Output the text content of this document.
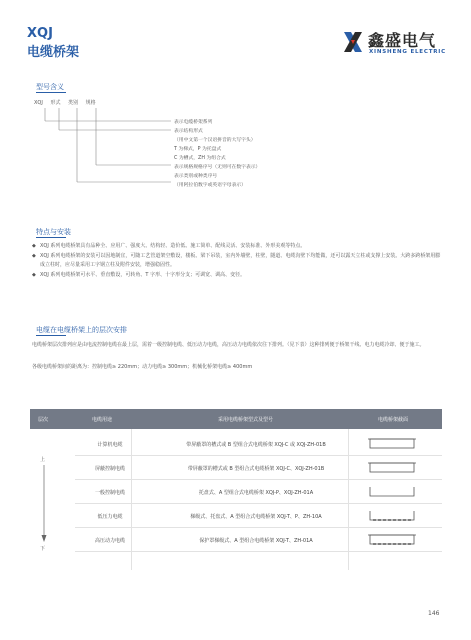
XQJ
电缆桥架
鑫盛电气
XINSHENG ELECTRIC
型号含义
XQJ 形式 类别 规格
表示电缆桥架系列
表示结构形式
（用中文第一个汉语拼音的大写字头）
T 为梯式，P 为托盘式
C 为槽式，ZH 为组合式
表示规格规格序号（无则可在数字表示）
表示类别或种类序号
（用阿拉伯数字或英语字母表示）
特点与安装
◆ XQJ 系列电缆桥架具有品种全、应用广、强度大、结构轻、造价低、施工简单、配线灵活、安装标准、外形美观等特点。
◆ XQJ 系列电缆桥架的安装可以因地制宜，可随工艺管道架空敷设，楼板、梁下吊装，室内外墙壁，柱壁，隧道、电缆沟壁下均能做，还可以露天立柱或支撑上安装。大跨多跨桥架用膨成立柱时，应尽量采用工字钢立柱及附件安装，增强稳固性。
◆ XQJ 系列电缆桥架可水平、垂直敷设，可转角、T 字形、十字形分支；可调宽、调高、变径。
电缆在电缆桥架上的层次安排
电缆桥架层次排列应是由电流控制电缆在最上层，需着一级控制电缆、低压动力电缆，高压动力电缆依次往下排列。（见下表）这种排列便于桥架干线、电力电缆冷却、便于施工。
各级电缆桥架间的距离为：控制电缆≥ 220mm；动力电缆≥ 300mm；机械化桥架电缆≥ 400mm
层次	电缆用途	采用电缆桥架型式及型号	电缆桥架截面
上
下
计算机电缆	带屏蔽罩的槽式或 B 型组合式电缆桥架 XQJ-C 或 XQJ-ZH-01B
屏蔽控制电缆	带屏蔽罩的槽式或 B 型组合式电缆桥架 XQJ-C、XQJ-ZH-01B
一般控制电缆	托盘式、A 型组合式电缆桥架 XQJ-P、XQJ-ZH-01A
低压力电缆	梯级式、托盘式、A 型组合式电缆桥架 XQJ-T、P、ZH-10A
高压动力电缆	保护罩梯级式、A 型组合电缆桥架 XQJ-T、ZH-01A
146
